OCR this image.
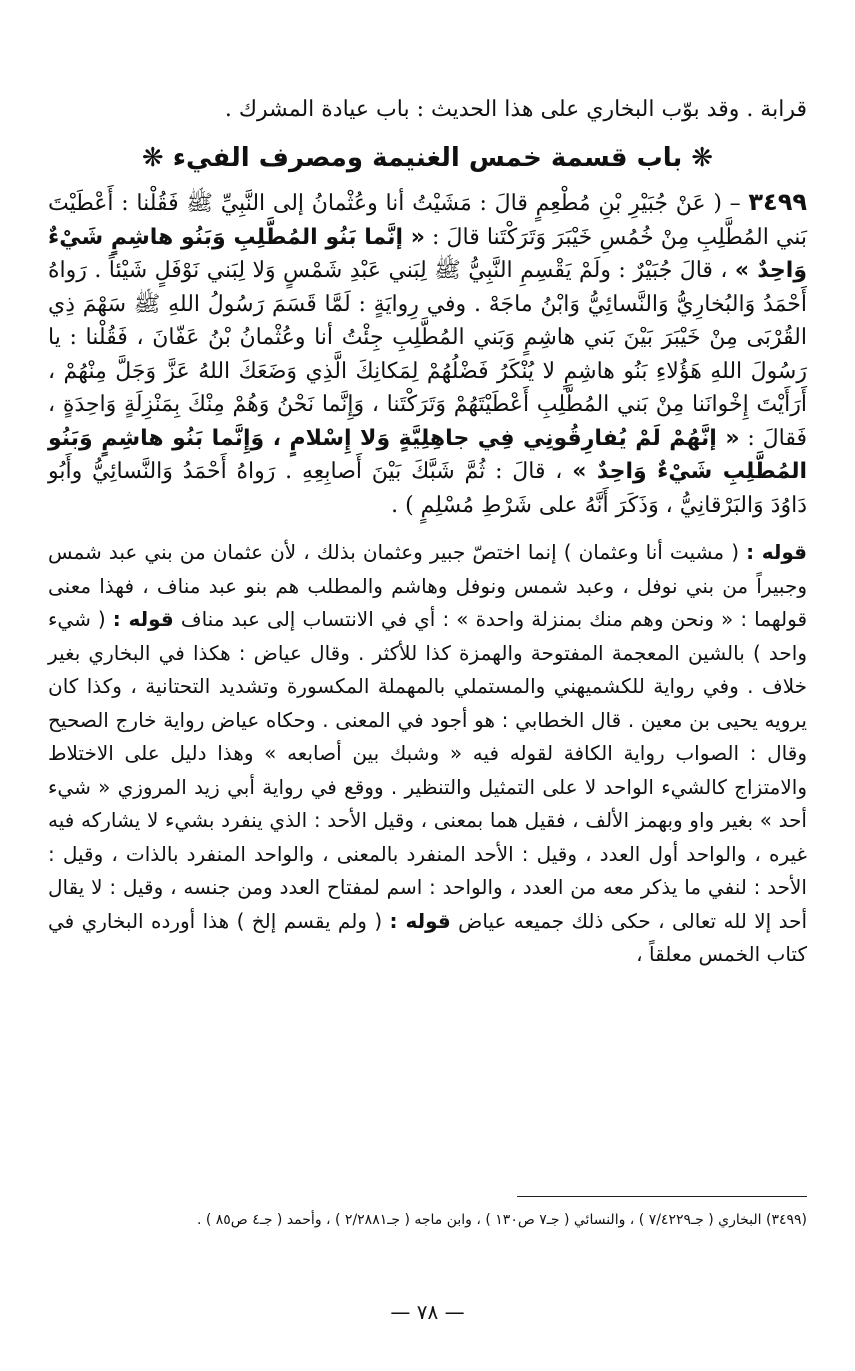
قرابة . وقد بوّب البخاري على هذا الحديث : باب عيادة المشرك .

❋ باب قسمة خمس الغنيمة ومصرف الفيء ❋

٣٤٩٩ – ( عَنْ جُبَيْرِ بْنِ مُطْعِمٍ قالَ : مَشَيْتُ أنا وعُثْمانُ إلى النَّبِيِّ ﷺ فَقُلْنا : أَعْطَيْتَ بَني المُطَّلِبِ مِنْ خُمُسِ خَيْبَرَ وَتَرَكْتَنا قالَ : « إنَّما بَنُو المُطَّلِبِ وَبَنُو هاشِمٍ شَيْءٌ وَاحِدٌ » ، قالَ جُبَيْرٌ : ولَمْ يَقْسِمِ النَّبِيُّ ﷺ لِبَني عَبْدِ شَمْسٍ وَلا لِبَني نَوْفَلٍ شَيْئاً . رَواهُ أَحْمَدُ وَالبُخارِيُّ وَالنَّسائِيُّ وَابْنُ ماجَهْ . وفي رِوايَةٍ : لَمَّا قَسَمَ رَسُولُ اللهِ ﷺ سَهْمَ ذِي القُرْبَى مِنْ خَيْبَرَ بَيْنَ بَني هاشِمٍ وَبَني المُطَّلِبِ جِئْتُ أنا وعُثْمانُ بْنُ عَفّانَ ، فَقُلْنا : يا رَسُولَ اللهِ هَؤُلاءِ بَنُو هاشِمٍ لا يُنْكَرُ فَضْلُهُمْ لِمَكانِكَ الَّذِي وَضَعَكَ اللهُ عَزَّ وَجَلَّ مِنْهُمْ ، أَرَأَيْتَ إِخْوانَنا مِنْ بَني المُطَّلِبِ أَعْطَيْتَهُمْ وَتَرَكْتَنا ، وَإِنَّما نَحْنُ وَهُمْ مِنْكَ بِمَنْزِلَةٍ وَاحِدَةٍ ، فَقالَ : « إنَّهُمْ لَمْ يُفارِقُونِي فِي جاهِلِيَّةٍ وَلا إِسْلامٍ ، وَإِنَّما بَنُو هاشِمٍ وَبَنُو المُطَّلِبِ شَيْءٌ وَاحِدٌ » ، قالَ : ثُمَّ شَبَّكَ بَيْنَ أَصابِعِهِ . رَواهُ أَحْمَدُ وَالنَّسائِيُّ وأَبُو دَاوُدَ وَالبَرْقانِيُّ ، وَذَكَرَ أَنَّهُ على شَرْطِ مُسْلِمٍ ) .

قوله : ( مشيت أنا وعثمان ) إنما اختصّ جبير وعثمان بذلك ، لأن عثمان من بني عبد شمس وجبيراً من بني نوفل ، وعبد شمس ونوفل وهاشم والمطلب هم بنو عبد مناف ، فهذا معنى قولهما : « ونحن وهم منك بمنزلة واحدة » : أي في الانتساب إلى عبد مناف قوله : ( شيء واحد ) بالشين المعجمة المفتوحة والهمزة كذا للأكثر . وقال عياض : هكذا في البخاري بغير خلاف . وفي رواية للكشميهني والمستملي بالمهملة المكسورة وتشديد التحتانية ، وكذا كان يرويه يحيى بن معين . قال الخطابي : هو أجود في المعنى . وحكاه عياض رواية خارج الصحيح وقال : الصواب رواية الكافة لقوله فيه « وشبك بين أصابعه » وهذا دليل على الاختلاط والامتزاج كالشيء الواحد لا على التمثيل والتنظير . ووقع في رواية أبي زيد المروزي « شيء أحد » بغير واو وبهمز الألف ، فقيل هما بمعنى ، وقيل الأحد : الذي ينفرد بشيء لا يشاركه فيه غيره ، والواحد أول العدد ، وقيل : الأحد المنفرد بالمعنى ، والواحد المنفرد بالذات ، وقيل : الأحد : لنفي ما يذكر معه من العدد ، والواحد : اسم لمفتاح العدد ومن جنسه ، وقيل : لا يقال أحد إلا لله تعالى ، حكى ذلك جميعه عياض قوله : ( ولم يقسم إلخ ) هذا أورده البخاري في كتاب الخمس معلقاً ،

(٣٤٩٩) البخاري ( جـ٧/٤٢٢٩ ) ، والنسائي ( جـ٧ ص١٣٠ ) ، وابن ماجه ( جـ٢/٢٨٨١ ) ، وأحمد ( جـ٤ ص٨٥ ) .
— ٧٨ —
